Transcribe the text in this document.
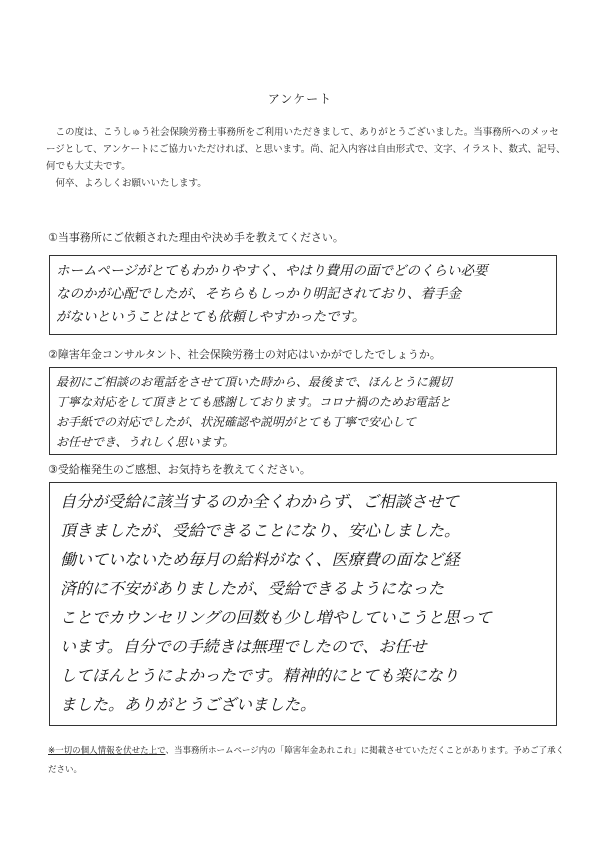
アンケート

この度は、こうしゅう社会保険労務士事務所をご利用いただきまして、ありがとうございました。当事務所へのメッセージとして、アンケートにご協力いただければ、と思います。尚、記入内容は自由形式で、文字、イラスト、数式、記号、何でも大丈夫です。

何卒、よろしくお願いいたします。

①当事務所にご依頼された理由や決め手を教えてください。

ホームページがとてもわかりやすく、やはり費用の面でどのくらい必要

なのかが心配でしたが、そちらもしっかり明記されており、着手金

がないということはとても依頼しやすかったです。

②障害年金コンサルタント、社会保険労務士の対応はいかがでしたでしょうか。

最初にご相談のお電話をさせて頂いた時から、最後まで、ほんとうに親切

丁寧な対応をして頂きとても感謝しております。コロナ禍のためお電話と

お手紙での対応でしたが、状況確認や説明がとても丁寧で安心して

お任せでき、うれしく思います。

③受給権発生のご感想、お気持ちを教えてください。

自分が受給に該当するのか全くわからず、ご相談させて

頂きましたが、受給できることになり、安心しました。

働いていないため毎月の給料がなく、医療費の面など経

済的に不安がありましたが、受給できるようになった

ことでカウンセリングの回数も少し増やしていこうと思って

います。自分での手続きは無理でしたので、お任せ

してほんとうによかったです。精神的にとても楽になり

ました。ありがとうございました。

※一切の個人情報を伏せた上で、当事務所ホームページ内の「障害年金あれこれ」に掲載させていただくことがあります。予めご了承ください。
